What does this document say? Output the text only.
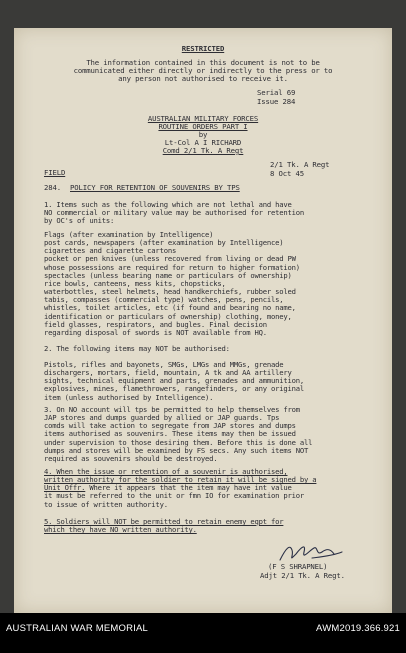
RESTRICTED
The information contained in this document is not to be
communicated either directly or indirectly to the press or to
any person not authorised to receive it.
Serial 69
Issue 284
AUSTRALIAN MILITARY FORCES
ROUTINE ORDERS PART I
by
Lt-Col A I RICHARD
Comd 2/1 Tk. A Regt
FIELD
2/1 Tk. A Regt
8 Oct 45
284. POLICY FOR RETENTION OF SOUVENIRS BY TPS

1. Items such as the following which are not lethal and have
NO commercial or military value may be authorised for retention
by OC's of units:

Flags (after examination by Intelligence)
post cards, newspapers (after examination by Intelligence)
cigarettes and cigarette cartons
pocket or pen knives (unless recovered from living or dead PW
whose possessions are required for return to higher formation)
spectacles (unless bearing name or particulars of ownership)
rice bowls, canteens, mess kits, chopsticks,
waterbottles, steel helmets, head handkerchiefs, rubber soled
tabis, compasses (commercial type) watches, pens, pencils,
whistles, toilet articles, etc (if found and bearing no name,
identification or particulars of ownership) clothing, money,
field glasses, respirators, and bugles. Final decision
regarding disposal of swords is NOT available from HQ.

2. The following items may NOT be authorised:

Pistols, rifles and bayonets, SMGs, LMGs and MMGs, grenade
dischargers, mortars, field, mountain, A tk and AA artillery
sights, technical equipment and parts, grenades and ammunition,
explosives, mines, flamethrowers, rangefinders, or any original
item (unless authorised by Intelligence).

3. On NO account will tps be permitted to help themselves from
JAP stores and dumps guarded by allied or JAP guards. Tps
comds will take action to segregate from JAP stores and dumps
items authorised as souvenirs. These items may then be issued
under supervision to those desiring them. Before this is done all
dumps and stores will be examined by FS secs. Any such items NOT
required as souvenirs should be destroyed.

4. When the issue or retention of a souvenir is authorised,
written authority for the soldier to retain it will be signed by a
Unit Offr. Where it appears that the item may have int value
it must be referred to the unit or fmn IO for examination prior
to issue of written authority.
5. Soldiers will NOT be permitted to retain enemy eqpt for
which they have NO written authority.
(F S SHRAPNEL)
Adjt 2/1 Tk. A Regt.
AUSTRALIAN WAR MEMORIAL	AWM2019.366.921
